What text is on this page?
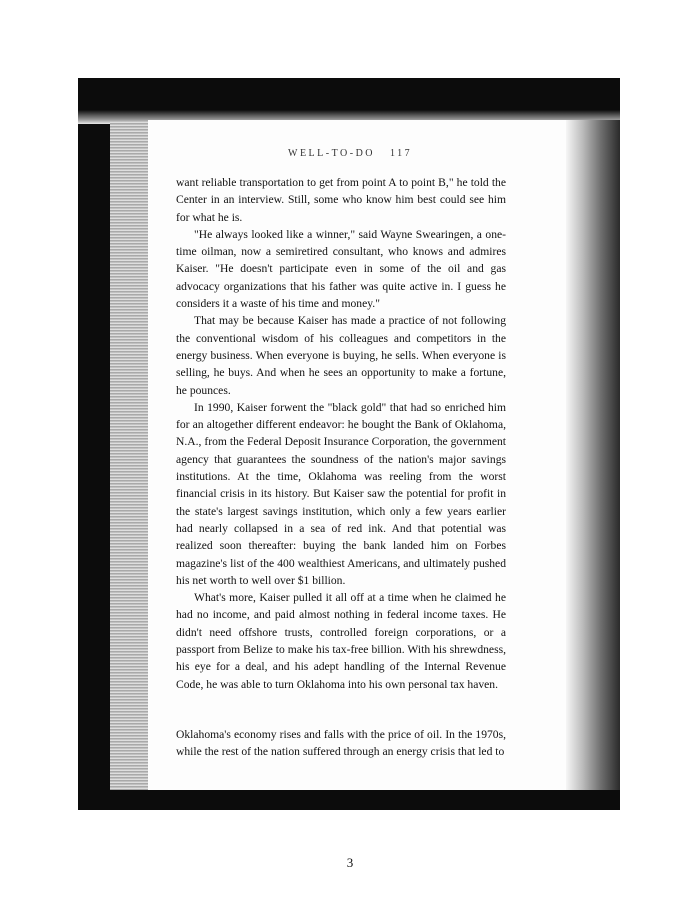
WELL-TO-DO 117

want reliable transportation to get from point A to point B," he told the Center in an interview. Still, some who know him best could see him for what he is.

"He always looked like a winner," said Wayne Swearingen, a one-time oilman, now a semiretired consultant, who knows and admires Kaiser. "He doesn't participate even in some of the oil and gas advocacy organizations that his father was quite active in. I guess he considers it a waste of his time and money."

That may be because Kaiser has made a practice of not following the conventional wisdom of his colleagues and competitors in the energy business. When everyone is buying, he sells. When everyone is selling, he buys. And when he sees an opportunity to make a fortune, he pounces.

In 1990, Kaiser forwent the "black gold" that had so enriched him for an altogether different endeavor: he bought the Bank of Oklahoma, N.A., from the Federal Deposit Insurance Corporation, the government agency that guarantees the soundness of the nation's major savings institutions. At the time, Oklahoma was reeling from the worst financial crisis in its history. But Kaiser saw the potential for profit in the state's largest savings institution, which only a few years earlier had nearly collapsed in a sea of red ink. And that potential was realized soon thereafter: buying the bank landed him on Forbes magazine's list of the 400 wealthiest Americans, and ultimately pushed his net worth to well over $1 billion.

What's more, Kaiser pulled it all off at a time when he claimed he had no income, and paid almost nothing in federal income taxes. He didn't need offshore trusts, controlled foreign corporations, or a passport from Belize to make his tax-free billion. With his shrewdness, his eye for a deal, and his adept handling of the Internal Revenue Code, he was able to turn Oklahoma into his own personal tax haven.

Oklahoma's economy rises and falls with the price of oil. In the 1970s, while the rest of the nation suffered through an energy crisis that led to

3
